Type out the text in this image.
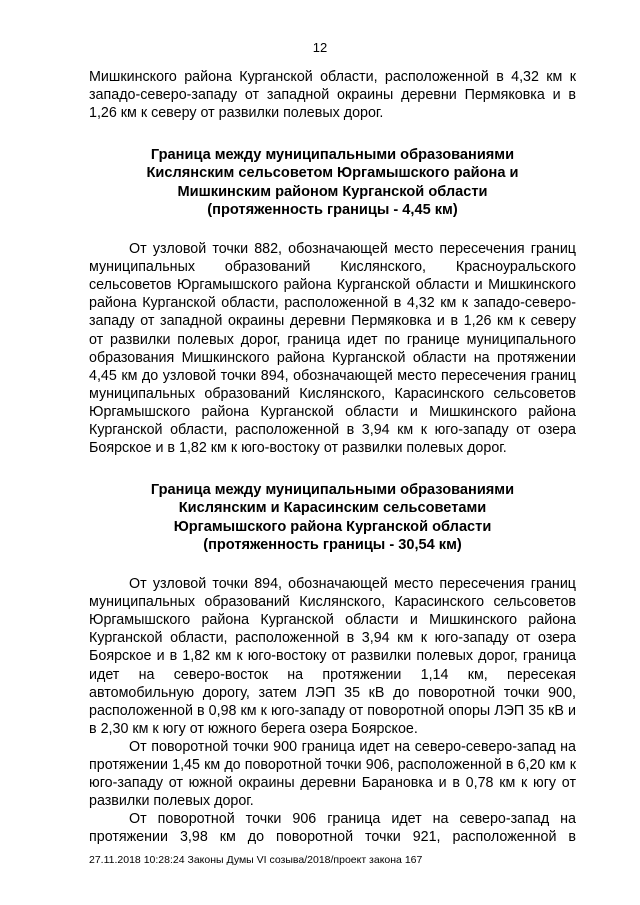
12

Мишкинского района Курганской области, расположенной в 4,32 км к западо-северо-западу от западной окраины деревни Пермяковка и в 1,26 км к северу от развилки полевых дорог.

Граница между муниципальными образованиями

Кислянским сельсоветом Юргамышского района и

Мишкинским районом Курганской области

(протяженность границы - 4,45 км)

От узловой точки 882, обозначающей место пересечения границ муниципальных образований Кислянского, Красноуральского сельсоветов Юргамышского района Курганской области и Мишкинского района Курганской области, расположенной в 4,32 км к западо-северо-западу от западной окраины деревни Пермяковка и в 1,26 км к северу от развилки полевых дорог, граница идет по границе муниципального образования Мишкинского района Курганской области на протяжении 4,45 км до узловой точки 894, обозначающей место пересечения границ муниципальных образований Кислянского, Карасинского сельсоветов Юргамышского района Курганской области и Мишкинского района Курганской области, расположенной в 3,94 км к юго-западу от озера Боярское и в 1,82 км к юго-востоку от развилки полевых дорог.

Граница между муниципальными образованиями

Кислянским и Карасинским сельсоветами

Юргамышского района Курганской области

(протяженность границы - 30,54 км)

От узловой точки 894, обозначающей место пересечения границ муниципальных образований Кислянского, Карасинского сельсоветов Юргамышского района Курганской области и Мишкинского района Курганской области, расположенной в 3,94 км к юго-западу от озера Боярское и в 1,82 км к юго-востоку от развилки полевых дорог, граница идет на северо-восток на протяжении 1,14 км, пересекая автомобильную дорогу, затем ЛЭП 35 кВ до поворотной точки 900, расположенной в 0,98 км к юго-западу от поворотной опоры ЛЭП 35 кВ и в 2,30 км к югу от южного берега озера Боярское.

От поворотной точки 900 граница идет на северо-северо-запад на протяжении 1,45 км до поворотной точки 906, расположенной в 6,20 км к юго-западу от южной окраины деревни Барановка и в 0,78 км к югу от развилки полевых дорог.

От поворотной точки 906 граница идет на северо-запад на протяжении 3,98 км до поворотной точки 921, расположенной в

27.11.2018 10:28:24 Законы Думы VI созыва/2018/проект закона 167
